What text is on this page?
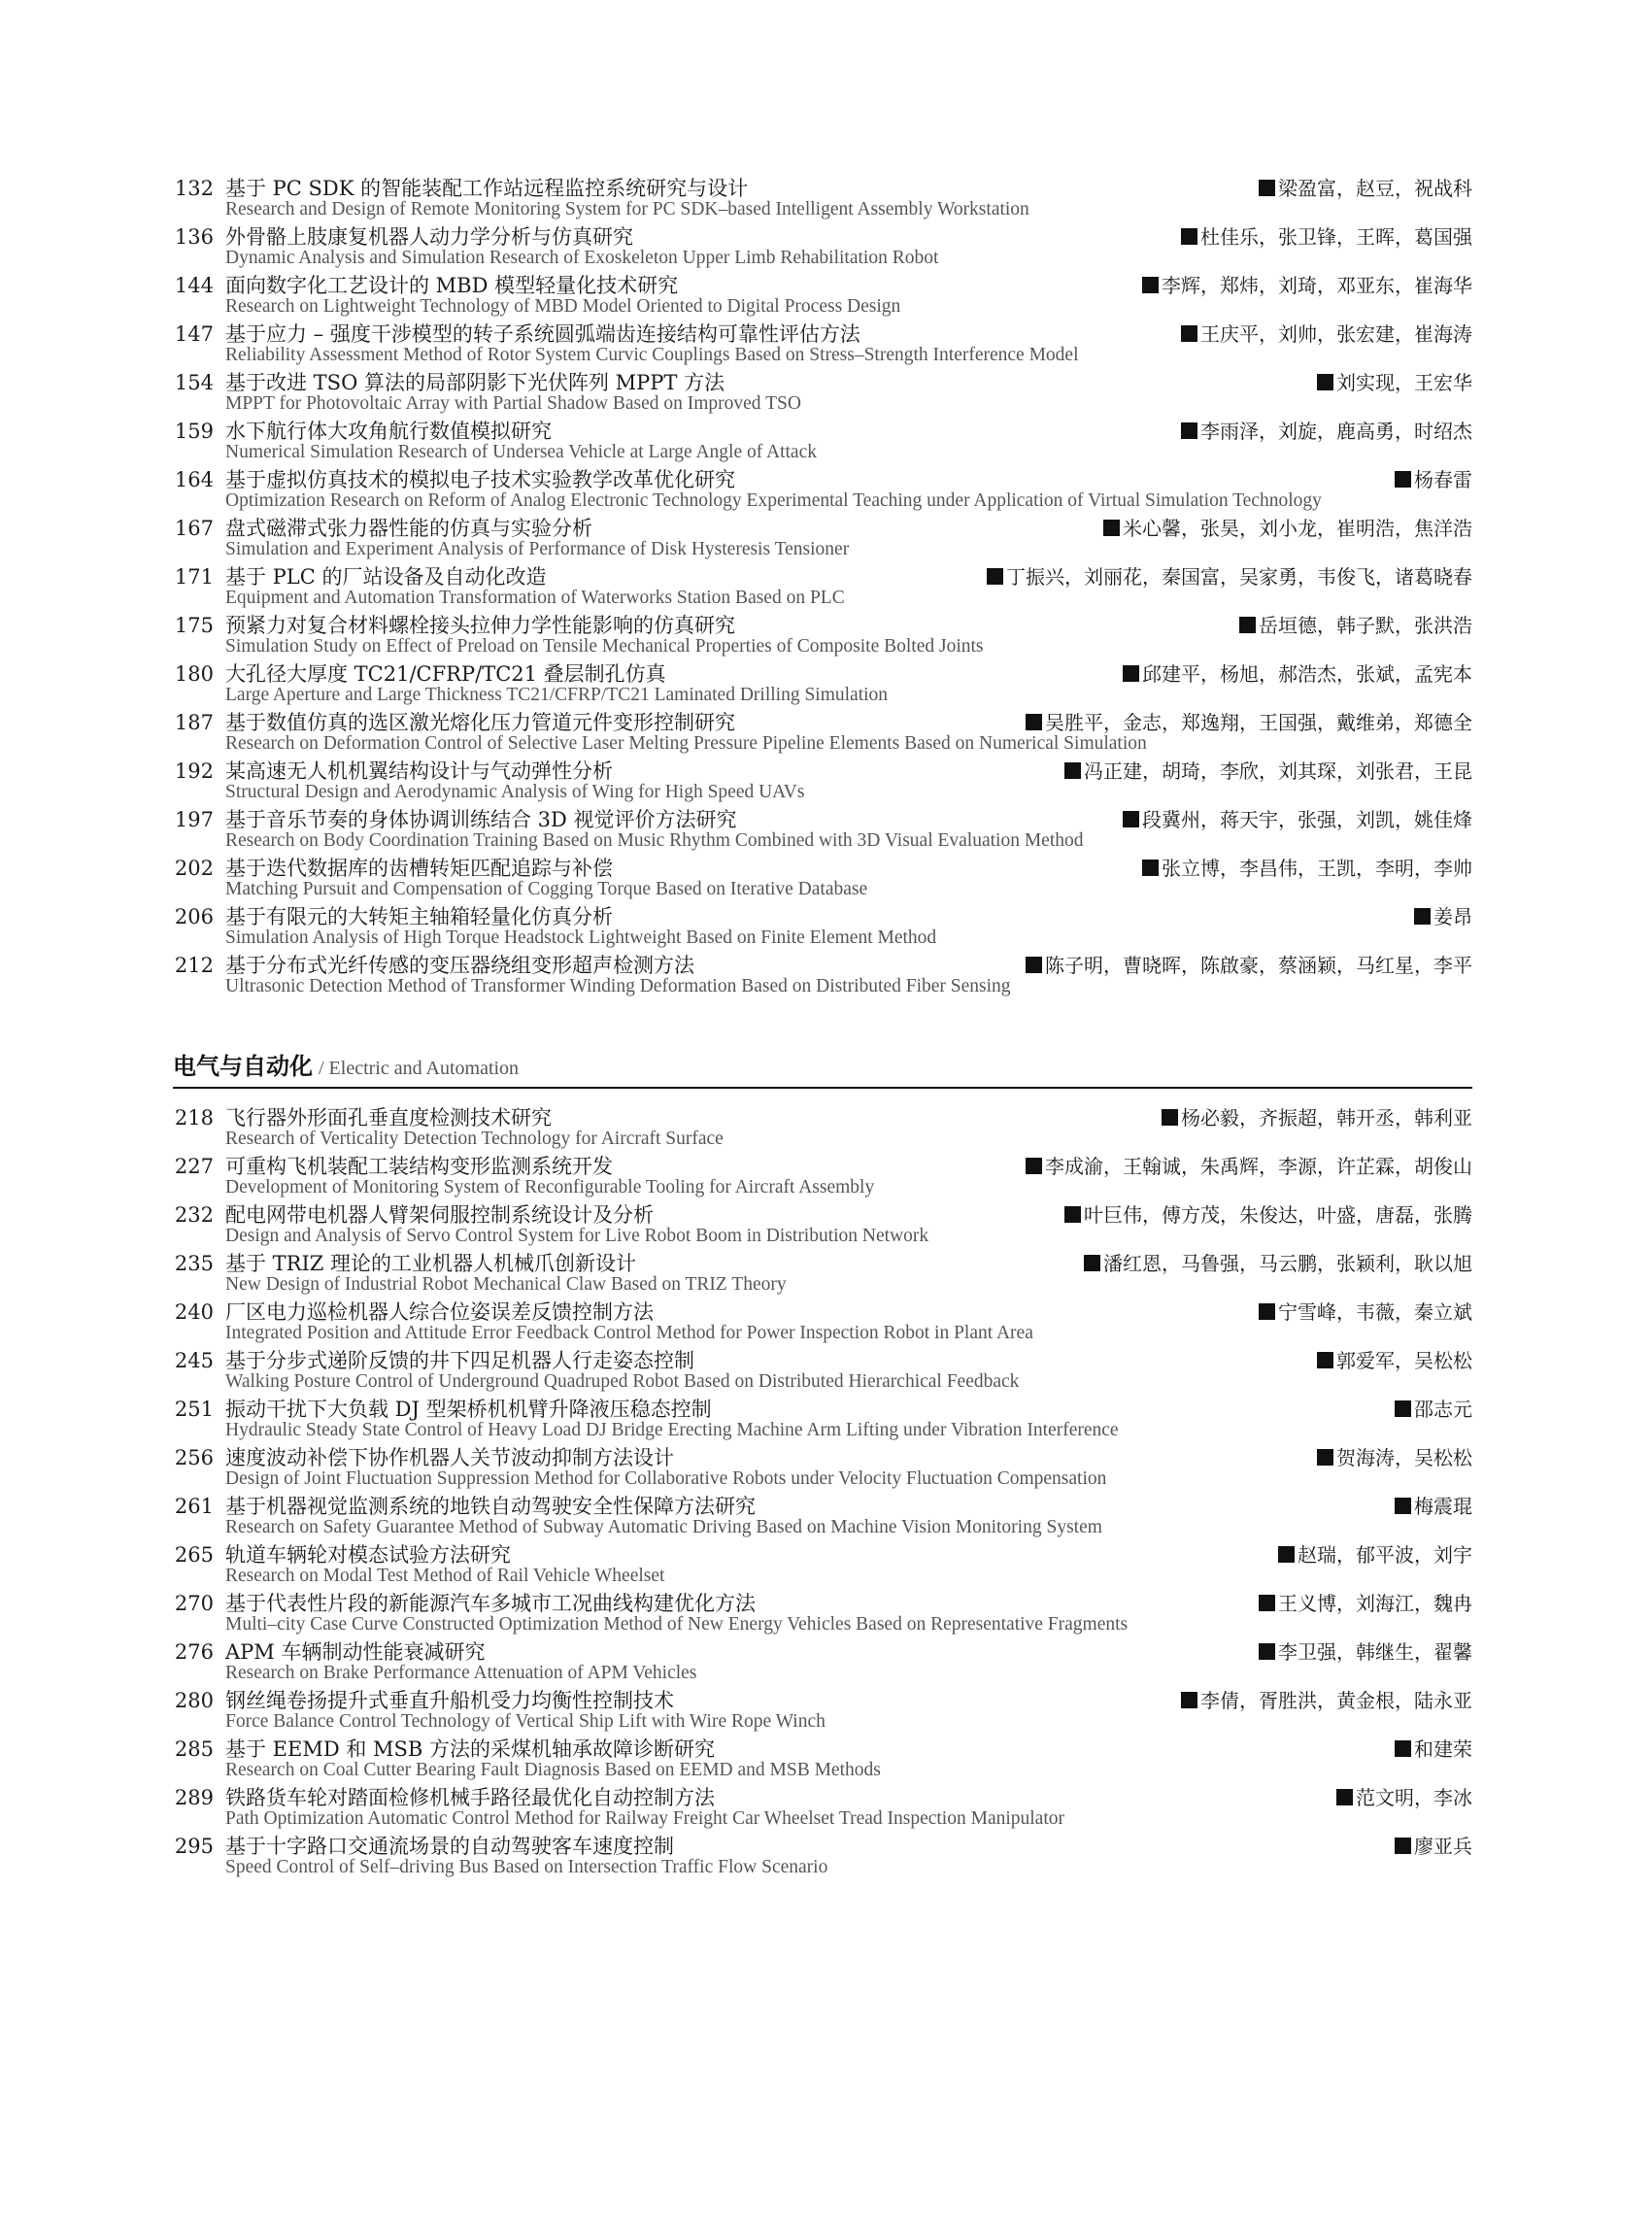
132 基于 PC SDK 的智能装配工作站远程监控系统研究与设计	梁盈富，赵豆，祝战科
Research and Design of Remote Monitoring System for PC SDK–based Intelligent Assembly Workstation
136 外骨骼上肢康复机器人动力学分析与仿真研究	杜佳乐，张卫锋，王晖，葛国强
Dynamic Analysis and Simulation Research of Exoskeleton Upper Limb Rehabilitation Robot
144 面向数字化工艺设计的 MBD 模型轻量化技术研究	李辉，郑炜，刘琦，邓亚东，崔海华
Research on Lightweight Technology of MBD Model Oriented to Digital Process Design
147 基于应力 – 强度干涉模型的转子系统圆弧端齿连接结构可靠性评估方法	王庆平，刘帅，张宏建，崔海涛
Reliability Assessment Method of Rotor System Curvic Couplings Based on Stress–Strength Interference Model
154 基于改进 TSO 算法的局部阴影下光伏阵列 MPPT 方法	刘实现，王宏华
MPPT for Photovoltaic Array with Partial Shadow Based on Improved TSO
159 水下航行体大攻角航行数值模拟研究	李雨泽，刘旋，鹿高勇，时绍杰
Numerical Simulation Research of Undersea Vehicle at Large Angle of Attack
164 基于虚拟仿真技术的模拟电子技术实验教学改革优化研究	杨春雷
Optimization Research on Reform of Analog Electronic Technology Experimental Teaching under Application of Virtual Simulation Technology
167 盘式磁滞式张力器性能的仿真与实验分析	米心馨，张昊，刘小龙，崔明浩，焦洋浩
Simulation and Experiment Analysis of Performance of Disk Hysteresis Tensioner
171 基于 PLC 的厂站设备及自动化改造	丁振兴，刘丽花，秦国富，吴家勇，韦俊飞，诸葛晓春
Equipment and Automation Transformation of Waterworks Station Based on PLC
175 预紧力对复合材料螺栓接头拉伸力学性能影响的仿真研究	岳垣德，韩子默，张洪浩
Simulation Study on Effect of Preload on Tensile Mechanical Properties of Composite Bolted Joints
180 大孔径大厚度 TC21/CFRP/TC21 叠层制孔仿真	邱建平，杨旭，郝浩杰，张斌，孟宪本
Large Aperture and Large Thickness TC21/CFRP/TC21 Laminated Drilling Simulation
187 基于数值仿真的选区激光熔化压力管道元件变形控制研究	吴胜平，金志，郑逸翔，王国强，戴维弟，郑德全
Research on Deformation Control of Selective Laser Melting Pressure Pipeline Elements Based on Numerical Simulation
192 某高速无人机机翼结构设计与气动弹性分析	冯正建，胡琦，李欣，刘其琛，刘张君，王昆
Structural Design and Aerodynamic Analysis of Wing for High Speed UAVs
197 基于音乐节奏的身体协调训练结合 3D 视觉评价方法研究	段冀州，蒋天宇，张强，刘凯，姚佳烽
Research on Body Coordination Training Based on Music Rhythm Combined with 3D Visual Evaluation Method
202 基于迭代数据库的齿槽转矩匹配追踪与补偿	张立博，李昌伟，王凯，李明，李帅
Matching Pursuit and Compensation of Cogging Torque Based on Iterative Database
206 基于有限元的大转矩主轴箱轻量化仿真分析	姜昂
Simulation Analysis of High Torque Headstock Lightweight Based on Finite Element Method
212 基于分布式光纤传感的变压器绕组变形超声检测方法	陈子明，曹晓晖，陈啟豪，蔡涵颖，马红星，李平
Ultrasonic Detection Method of Transformer Winding Deformation Based on Distributed Fiber Sensing
电气与自动化 / Electric and Automation
218 飞行器外形面孔垂直度检测技术研究	杨必毅，齐振超，韩开丞，韩利亚
Research of Verticality Detection Technology for Aircraft Surface
227 可重构飞机装配工装结构变形监测系统开发	李成渝，王翰诚，朱禹辉，李源，许芷霖，胡俊山
Development of Monitoring System of Reconfigurable Tooling for Aircraft Assembly
232 配电网带电机器人臂架伺服控制系统设计及分析	叶巨伟，傅方茂，朱俊达，叶盛，唐磊，张腾
Design and Analysis of Servo Control System for Live Robot Boom in Distribution Network
235 基于 TRIZ 理论的工业机器人机械爪创新设计	潘红恩，马鲁强，马云鹏，张颖利，耿以旭
New Design of Industrial Robot Mechanical Claw Based on TRIZ Theory
240 厂区电力巡检机器人综合位姿误差反馈控制方法	宁雪峰，韦薇，秦立斌
Integrated Position and Attitude Error Feedback Control Method for Power Inspection Robot in Plant Area
245 基于分步式递阶反馈的井下四足机器人行走姿态控制	郭爱军，吴松松
Walking Posture Control of Underground Quadruped Robot Based on Distributed Hierarchical Feedback
251 振动干扰下大负载 DJ 型架桥机机臂升降液压稳态控制	邵志元
Hydraulic Steady State Control of Heavy Load DJ Bridge Erecting Machine Arm Lifting under Vibration Interference
256 速度波动补偿下协作机器人关节波动抑制方法设计	贺海涛，吴松松
Design of Joint Fluctuation Suppression Method for Collaborative Robots under Velocity Fluctuation Compensation
261 基于机器视觉监测系统的地铁自动驾驶安全性保障方法研究	梅震琨
Research on Safety Guarantee Method of Subway Automatic Driving Based on Machine Vision Monitoring System
265 轨道车辆轮对模态试验方法研究	赵瑞，郁平波，刘宇
Research on Modal Test Method of Rail Vehicle Wheelset
270 基于代表性片段的新能源汽车多城市工况曲线构建优化方法	王义博，刘海江，魏冉
Multi–city Case Curve Constructed Optimization Method of New Energy Vehicles Based on Representative Fragments
276 APM 车辆制动性能衰减研究	李卫强，韩继生，翟馨
Research on Brake Performance Attenuation of APM Vehicles
280 钢丝绳卷扬提升式垂直升船机受力均衡性控制技术	李倩，胥胜洪，黄金根，陆永亚
Force Balance Control Technology of Vertical Ship Lift with Wire Rope Winch
285 基于 EEMD 和 MSB 方法的采煤机轴承故障诊断研究	和建荣
Research on Coal Cutter Bearing Fault Diagnosis Based on EEMD and MSB Methods
289 铁路货车轮对踏面检修机械手路径最优化自动控制方法	范文明，李冰
Path Optimization Automatic Control Method for Railway Freight Car Wheelset Tread Inspection Manipulator
295 基于十字路口交通流场景的自动驾驶客车速度控制	廖亚兵
Speed Control of Self–driving Bus Based on Intersection Traffic Flow Scenario
